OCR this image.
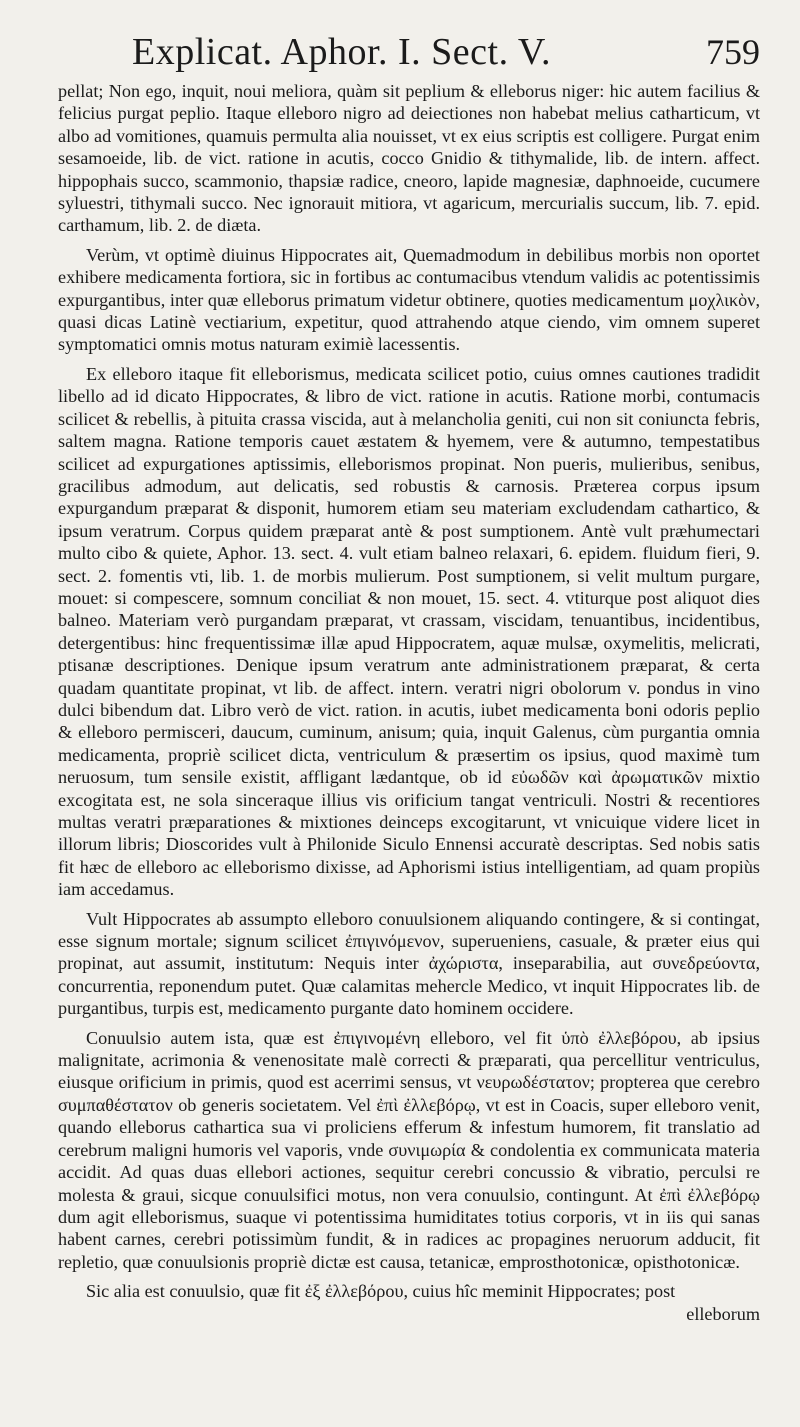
Explicat. Aphor. I. Sect. V.	759

pellat; Non ego, inquit, noui meliora, quàm sit peplium & elleborus niger: hic autem facilius & felicius purgat peplio. Itaque elleboro nigro ad deiectiones non habebat melius catharticum, vt albo ad vomitiones, quamuis permulta alia nouisset, vt ex eius scriptis est colligere. Purgat enim sesamoeide, lib. de vict. ratione in acutis, cocco Gnidio & tithymalide, lib. de intern. affect. hippophais succo, scammonio, thapsiæ radice, cneoro, lapide magnesiæ, daphnoeide, cucumere syluestri, tithymali succo. Nec ignorauit mitiora, vt agaricum, mercurialis succum, lib. 7. epid. carthamum, lib. 2. de diæta.

Verùm, vt optimè diuinus Hippocrates ait, Quemadmodum in debilibus morbis non oportet exhibere medicamenta fortiora, sic in fortibus ac contumacibus vtendum validis ac potentissimis expurgantibus, inter quæ elleborus primatum videtur obtinere, quoties medicamentum μοχλικὸν, quasi dicas Latinè vectiarium, expetitur, quod attrahendo atque ciendo, vim omnem superet symptomatici omnis motus naturam eximiè lacessentis.

Ex elleboro itaque fit elleborismus, medicata scilicet potio, cuius omnes cautiones tradidit libello ad id dicato Hippocrates, & libro de vict. ratione in acutis. Ratione morbi, contumacis scilicet & rebellis, à pituita crassa viscida, aut à melancholia geniti, cui non sit coniuncta febris, saltem magna. Ratione temporis cauet æstatem & hyemem, vere & autumno, tempestatibus scilicet ad expurgationes aptissimis, elleborismos propinat. Non pueris, mulieribus, senibus, gracilibus admodum, aut delicatis, sed robustis & carnosis. Præterea corpus ipsum expurgandum præparat & disponit, humorem etiam seu materiam excludendam cathartico, & ipsum veratrum. Corpus quidem præparat antè & post sumptionem. Antè vult præhumectari multo cibo & quiete, Aphor. 13. sect. 4. vult etiam balneo relaxari, 6. epidem. fluidum fieri, 9. sect. 2. fomentis vti, lib. 1. de morbis mulierum. Post sumptionem, si velit multum purgare, mouet: si compescere, somnum conciliat & non mouet, 15. sect. 4. vtiturque post aliquot dies balneo. Materiam verò purgandam præparat, vt crassam, viscidam, tenuantibus, incidentibus, detergentibus: hinc frequentissimæ illæ apud Hippocratem, aquæ mulsæ, oxymelitis, melicrati, ptisanæ descriptiones. Denique ipsum veratrum ante administrationem præparat, & certa quadam quantitate propinat, vt lib. de affect. intern. veratri nigri obolorum v. pondus in vino dulci bibendum dat. Libro verò de vict. ration. in acutis, iubet medicamenta boni odoris peplio & elleboro permisceri, daucum, cuminum, anisum; quia, inquit Galenus, cùm purgantia omnia medicamenta, propriè scilicet dicta, ventriculum & præsertim os ipsius, quod maximè tum neruosum, tum sensile existit, affligant lædantque, ob id εὐωδῶν καὶ ἀρωματικῶν mixtio excogitata est, ne sola sinceraque illius vis orificium tangat ventriculi. Nostri & recentiores multas veratri præparationes & mixtiones deinceps excogitarunt, vt vnicuique videre licet in illorum libris; Dioscorides vult à Philonide Siculo Ennensi accuratè descriptas. Sed nobis satis fit hæc de elleboro ac elleborismo dixisse, ad Aphorismi istius intelligentiam, ad quam propiùs iam accedamus.

Vult Hippocrates ab assumpto elleboro conuulsionem aliquando contingere, & si contingat, esse signum mortale; signum scilicet ἐπιγινόμενον, superueniens, casuale, & præter eius qui propinat, aut assumit, institutum: Nequis inter ἀχώριστα, inseparabilia, aut συνεδρεύοντα, concurrentia, reponendum putet. Quæ calamitas mehercle Medico, vt inquit Hippocrates lib. de purgantibus, turpis est, medicamento purgante dato hominem occidere.

Conuulsio autem ista, quæ est ἐπιγινομένη elleboro, vel fit ὑπὸ ἐλλεβόρου, ab ipsius malignitate, acrimonia & venenositate malè correcti & præparati, qua percellitur ventriculus, eiusque orificium in primis, quod est acerrimi sensus, vt νευρωδέστατον; propterea que cerebro συμπαθέστατον ob generis societatem. Vel ἐπὶ ἐλλεβόρῳ, vt est in Coacis, super elleboro venit, quando elleborus cathartica sua vi proliciens efferum & infestum humorem, fit translatio ad cerebrum maligni humoris vel vaporis, vnde συνιμωρία & condolentia ex communicata materia accidit. Ad quas duas ellebori actiones, sequitur cerebri concussio & vibratio, perculsi re molesta & graui, sicque conuulsifici motus, non vera conuulsio, contingunt. At ἐπὶ ἐλλεβόρῳ dum agit elleborismus, suaque vi potentissima humiditates totius corporis, vt in iis qui sanas habent carnes, cerebri potissimùm fundit, & in radices ac propagines neruorum adducit, fit repletio, quæ conuulsionis propriè dictæ est causa, tetanicæ, emprosthotonicæ, opisthotonicæ.

Sic alia est conuulsio, quæ fit ἐξ ἐλλεβόρου, cuius hîc meminit Hippocrates; post

elleborum
